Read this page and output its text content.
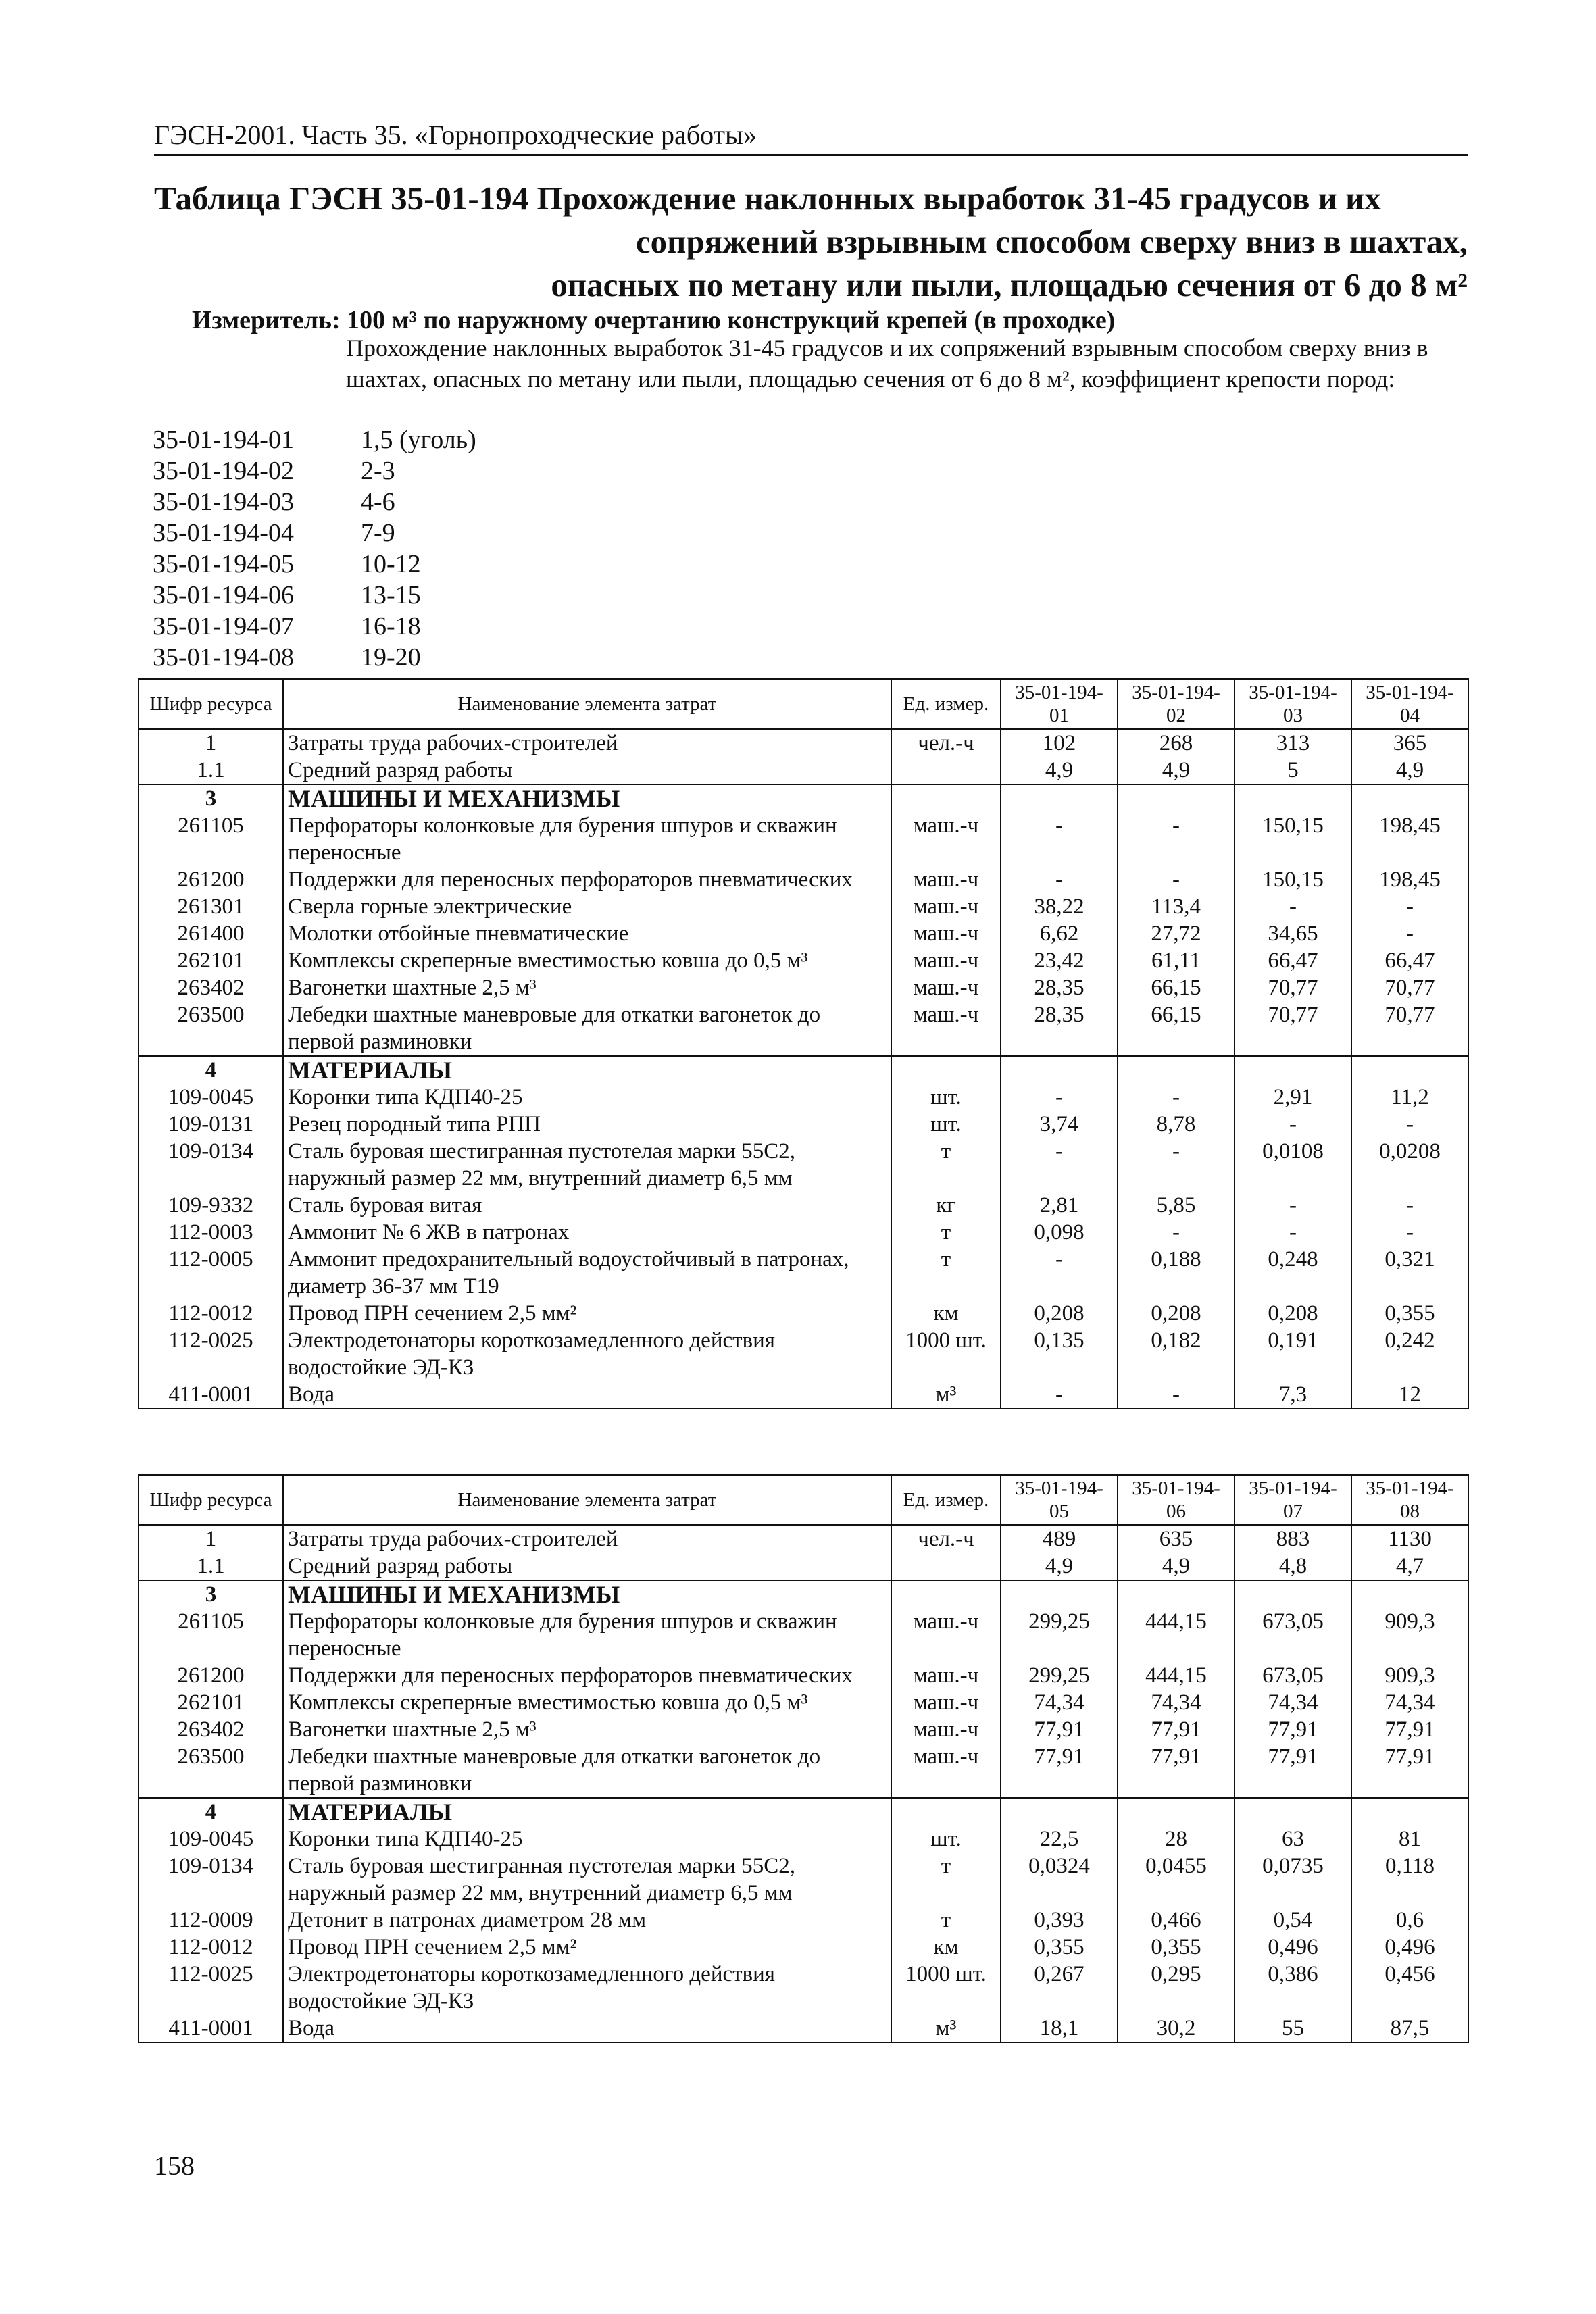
ГЭСН-2001. Часть 35. «Горнопроходческие работы»
Таблица ГЭСН 35-01-194 Прохождение наклонных выработок 31-45 градусов и их
сопряжений взрывным способом сверху вниз в шахтах,
опасных по метану или пыли, площадью сечения от 6 до 8 м²
Измеритель: 100 м³ по наружному очертанию конструкций крепей (в проходке)
Прохождение наклонных выработок 31-45 градусов и их сопряжений взрывным способом сверху вниз в шахтах, опасных по метану или пыли, площадью сечения от 6 до 8 м², коэффициент крепости пород:
35-01-194-01	1,5 (уголь)
35-01-194-02	2-3
35-01-194-03	4-6
35-01-194-04	7-9
35-01-194-05	10-12
35-01-194-06	13-15
35-01-194-07	16-18
35-01-194-08	19-20
Шифр ресурса	Наименование элемента затрат	Ед. измер.	35-01-194-01	35-01-194-02	35-01-194-03	35-01-194-04
1	Затраты труда рабочих-строителей	чел.-ч	102	268	313	365
1.1	Средний разряд работы		4,9	4,9	5	4,9
3	МАШИНЫ И МЕХАНИЗМЫ					
261105	Перфораторы колонковые для бурения шпуров и скважин переносные	маш.-ч	-	-	150,15	198,45
261200	Поддержки для переносных перфораторов пневматических	маш.-ч	-	-	150,15	198,45
261301	Сверла горные электрические	маш.-ч	38,22	113,4	-	-
261400	Молотки отбойные пневматические	маш.-ч	6,62	27,72	34,65	-
262101	Комплексы скреперные вместимостью ковша до 0,5 м³	маш.-ч	23,42	61,11	66,47	66,47
263402	Вагонетки шахтные 2,5 м³	маш.-ч	28,35	66,15	70,77	70,77
263500	Лебедки шахтные маневровые для откатки вагонеток до первой разминовки	маш.-ч	28,35	66,15	70,77	70,77
4	МАТЕРИАЛЫ					
109-0045	Коронки типа КДП40-25	шт.	-	-	2,91	11,2
109-0131	Резец породный типа РПП	шт.	3,74	8,78	-	-
109-0134	Сталь буровая шестигранная пустотелая марки 55С2, наружный размер 22 мм, внутренний диаметр 6,5 мм	т	-	-	0,0108	0,0208
109-9332	Сталь буровая витая	кг	2,81	5,85	-	-
112-0003	Аммонит № 6 ЖВ в патронах	т	0,098	-	-	-
112-0005	Аммонит предохранительный водоустойчивый в патронах, диаметр 36-37 мм Т19	т	-	0,188	0,248	0,321
112-0012	Провод ПРН сечением 2,5 мм²	км	0,208	0,208	0,208	0,355
112-0025	Электродетонаторы короткозамедленного действия водостойкие ЭД-КЗ	1000 шт.	0,135	0,182	0,191	0,242
411-0001	Вода	м³	-	-	7,3	12
Шифр ресурса	Наименование элемента затрат	Ед. измер.	35-01-194-05	35-01-194-06	35-01-194-07	35-01-194-08
1	Затраты труда рабочих-строителей	чел.-ч	489	635	883	1130
1.1	Средний разряд работы		4,9	4,9	4,8	4,7
3	МАШИНЫ И МЕХАНИЗМЫ					
261105	Перфораторы колонковые для бурения шпуров и скважин переносные	маш.-ч	299,25	444,15	673,05	909,3
261200	Поддержки для переносных перфораторов пневматических	маш.-ч	299,25	444,15	673,05	909,3
262101	Комплексы скреперные вместимостью ковша до 0,5 м³	маш.-ч	74,34	74,34	74,34	74,34
263402	Вагонетки шахтные 2,5 м³	маш.-ч	77,91	77,91	77,91	77,91
263500	Лебедки шахтные маневровые для откатки вагонеток до первой разминовки	маш.-ч	77,91	77,91	77,91	77,91
4	МАТЕРИАЛЫ					
109-0045	Коронки типа КДП40-25	шт.	22,5	28	63	81
109-0134	Сталь буровая шестигранная пустотелая марки 55С2, наружный размер 22 мм, внутренний диаметр 6,5 мм	т	0,0324	0,0455	0,0735	0,118
112-0009	Детонит в патронах диаметром 28 мм	т	0,393	0,466	0,54	0,6
112-0012	Провод ПРН сечением 2,5 мм²	км	0,355	0,355	0,496	0,496
112-0025	Электродетонаторы короткозамедленного действия водостойкие ЭД-КЗ	1000 шт.	0,267	0,295	0,386	0,456
411-0001	Вода	м³	18,1	30,2	55	87,5
158
